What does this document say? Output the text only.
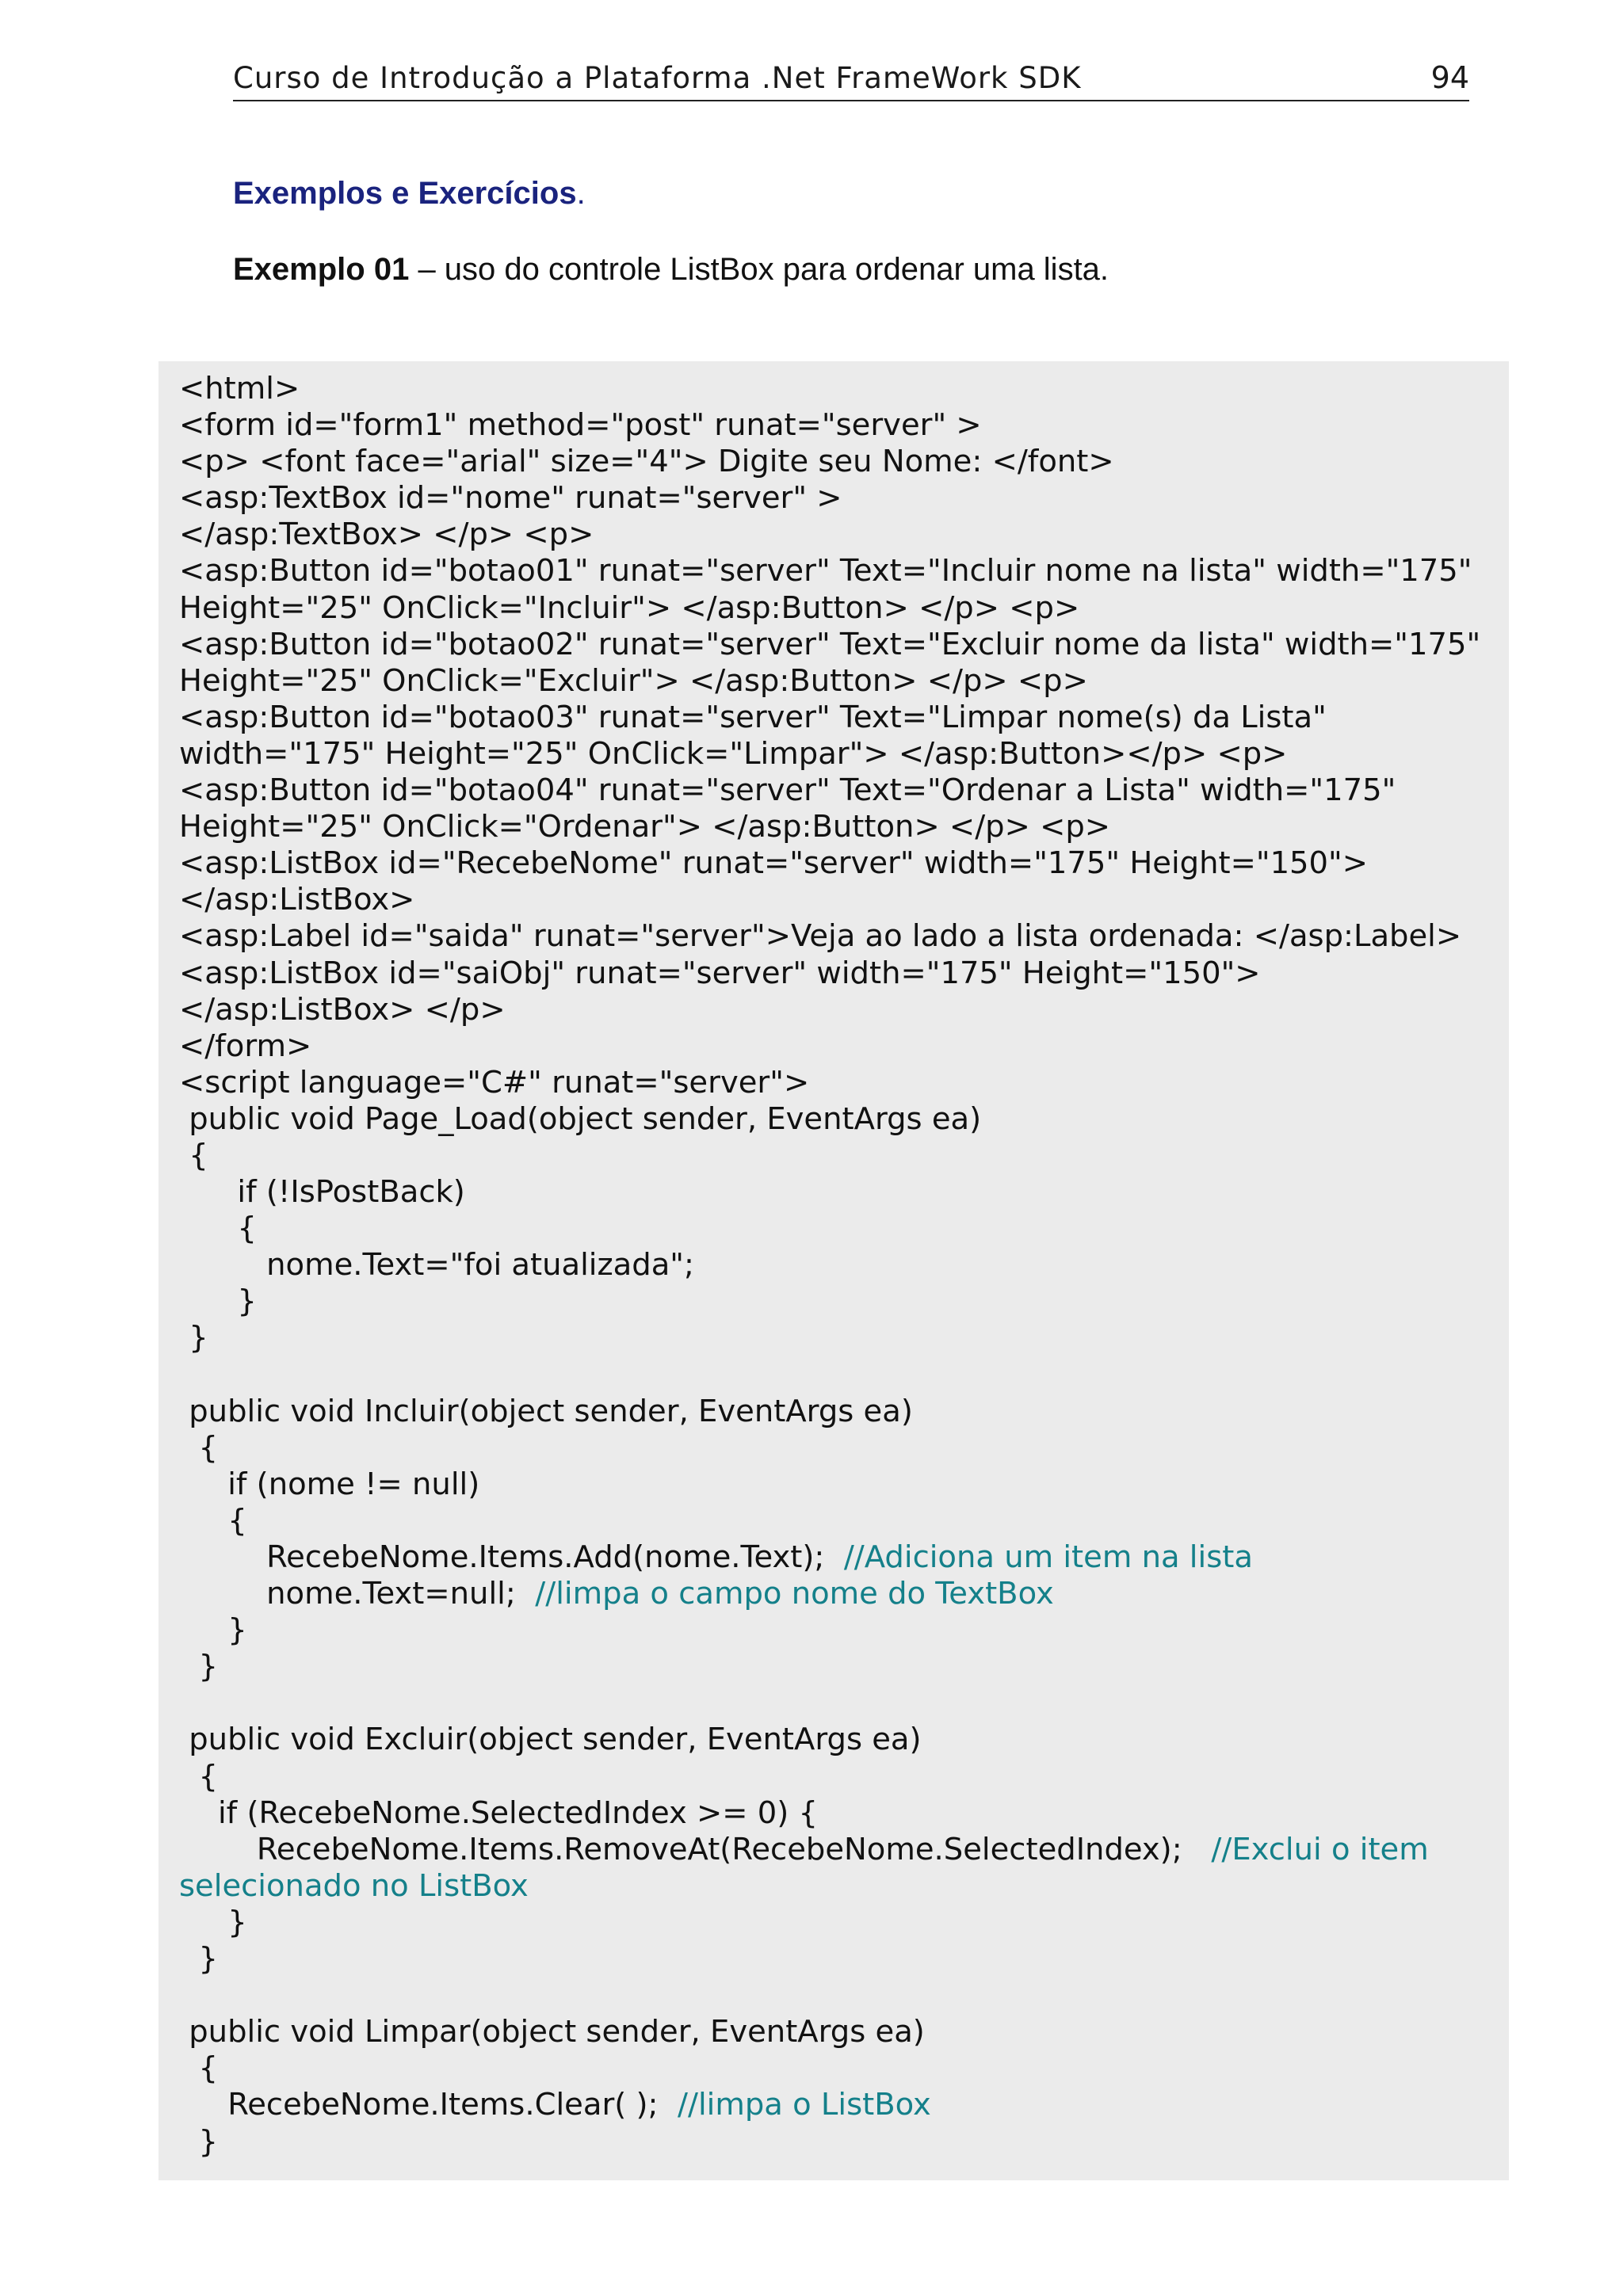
Curso de Introdução a Plataforma .Net FrameWork SDK	94
Exemplos e Exercícios.
Exemplo 01 – uso do controle ListBox para ordenar uma lista.
<html>
<form id="form1" method="post" runat="server" >
<p> <font face="arial" size="4"> Digite seu Nome: </font>
<asp:TextBox id="nome" runat="server" >
</asp:TextBox> </p> <p>
<asp:Button id="botao01" runat="server" Text="Incluir nome na lista" width="175"
Height="25" OnClick="Incluir"> </asp:Button> </p> <p>
<asp:Button id="botao02" runat="server" Text="Excluir nome da lista" width="175"
Height="25" OnClick="Excluir"> </asp:Button> </p> <p>
<asp:Button id="botao03" runat="server" Text="Limpar nome(s) da Lista"
width="175" Height="25" OnClick="Limpar"> </asp:Button></p> <p>
<asp:Button id="botao04" runat="server" Text="Ordenar a Lista" width="175"
Height="25" OnClick="Ordenar"> </asp:Button> </p> <p>
<asp:ListBox id="RecebeNome" runat="server" width="175" Height="150">
</asp:ListBox>
<asp:Label id="saida" runat="server">Veja ao lado a lista ordenada: </asp:Label>
<asp:ListBox id="saiObj" runat="server" width="175" Height="150">
</asp:ListBox> </p>
</form>
<script language="C#" runat="server">
public void Page_Load(object sender, EventArgs ea)
{
if (!IsPostBack)
{
nome.Text="foi atualizada";
}
}
public void Incluir(object sender, EventArgs ea)
{
if (nome != null)
{
RecebeNome.Items.Add(nome.Text);  //Adiciona um item na lista
nome.Text=null;  //limpa o campo nome do TextBox
}
}
public void Excluir(object sender, EventArgs ea)
{
if (RecebeNome.SelectedIndex >= 0) {
RecebeNome.Items.RemoveAt(RecebeNome.SelectedIndex);   //Exclui o item
selecionado no ListBox
}
}
public void Limpar(object sender, EventArgs ea)
{
RecebeNome.Items.Clear( );  //limpa o ListBox
}
